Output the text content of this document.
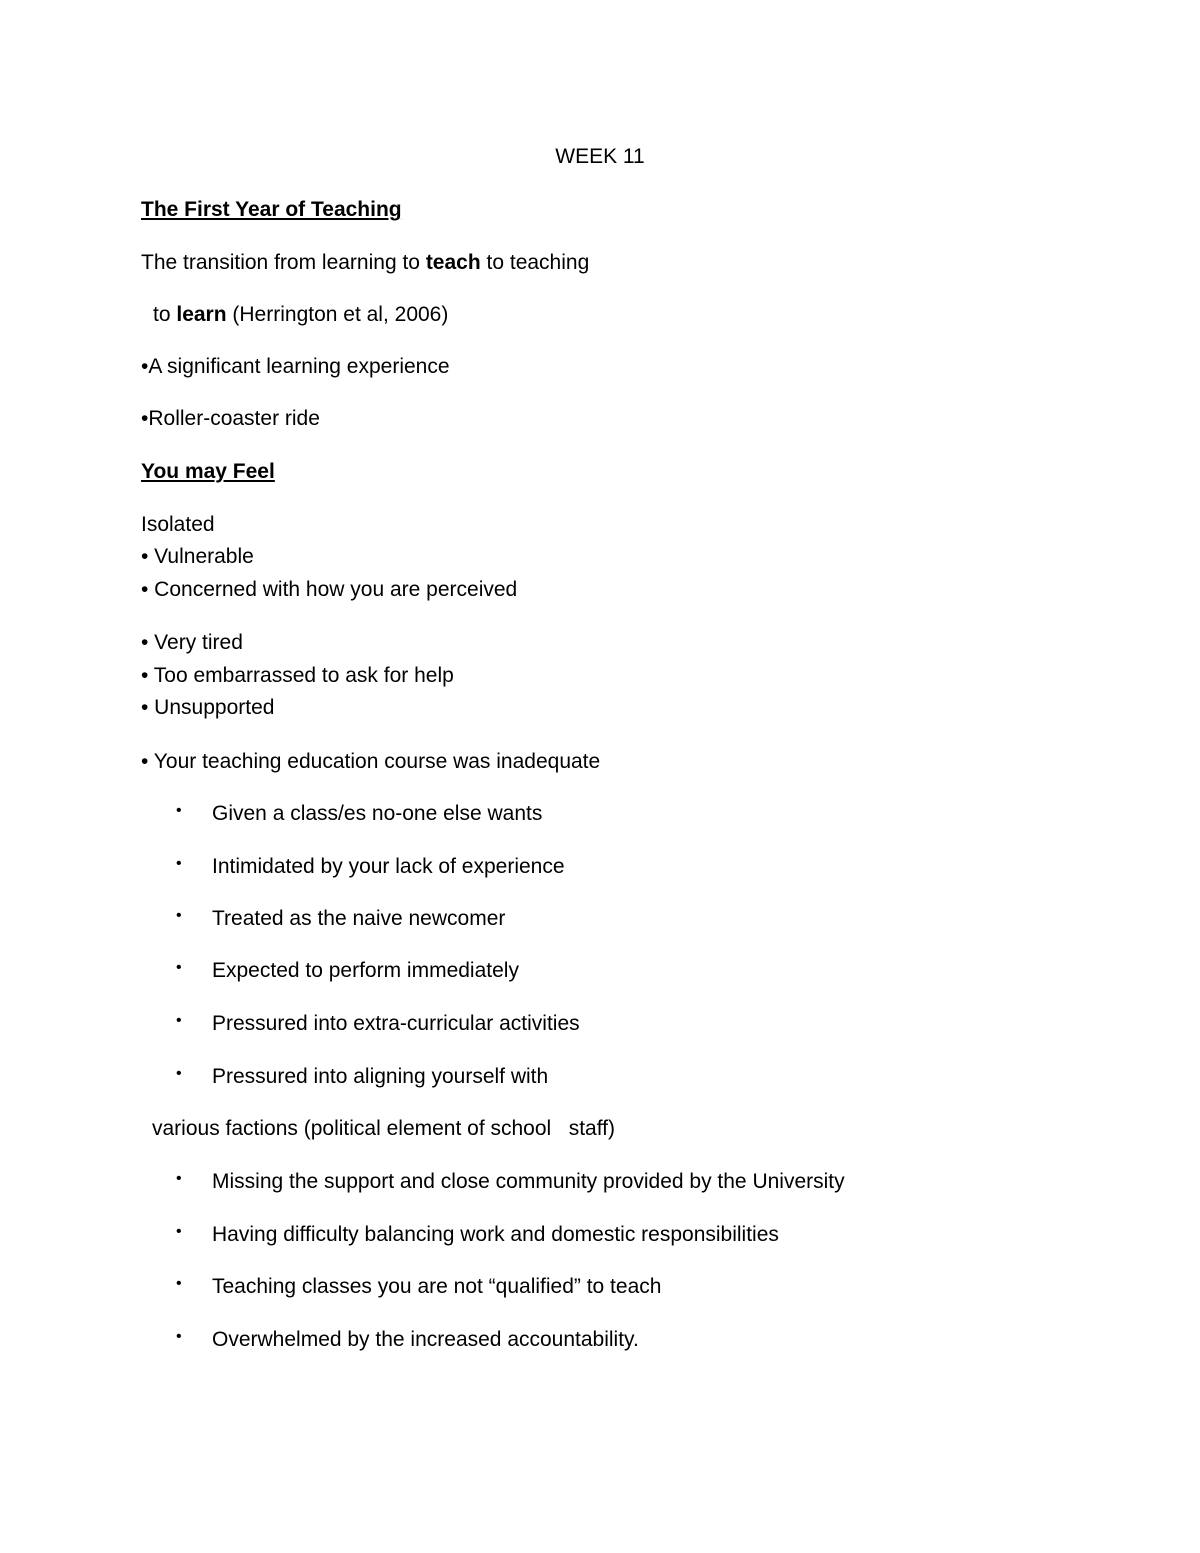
WEEK 11
The First Year of Teaching
The transition from learning to teach to teaching
to learn (Herrington et al, 2006)
•A significant learning experience
•Roller-coaster ride
You may Feel
Isolated
• Vulnerable
• Concerned with how you are perceived
• Very tired
• Too embarrassed to ask for help
• Unsupported
• Your teaching education course was inadequate
• Given a class/es no-one else wants
• Intimidated by your lack of experience
• Treated as the naive newcomer
• Expected to perform immediately
• Pressured into extra-curricular activities
• Pressured into aligning yourself with
various factions (political element of school   staff)
• Missing the support and close community provided by the University
• Having difficulty balancing work and domestic responsibilities
• Teaching classes you are not “qualified” to teach
• Overwhelmed by the increased accountability.
